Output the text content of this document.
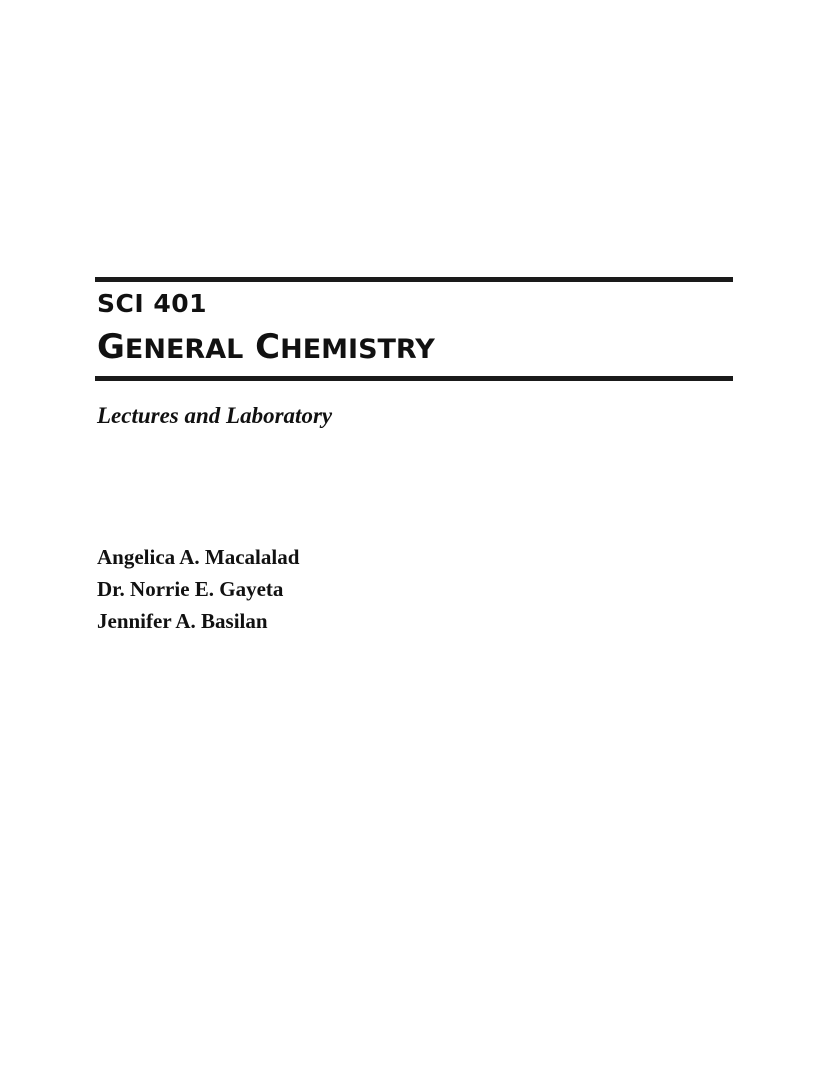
SCI 401
GENERAL CHEMISTRY
Lectures and Laboratory
Angelica A. Macalalad
Dr. Norrie E. Gayeta
Jennifer A. Basilan
